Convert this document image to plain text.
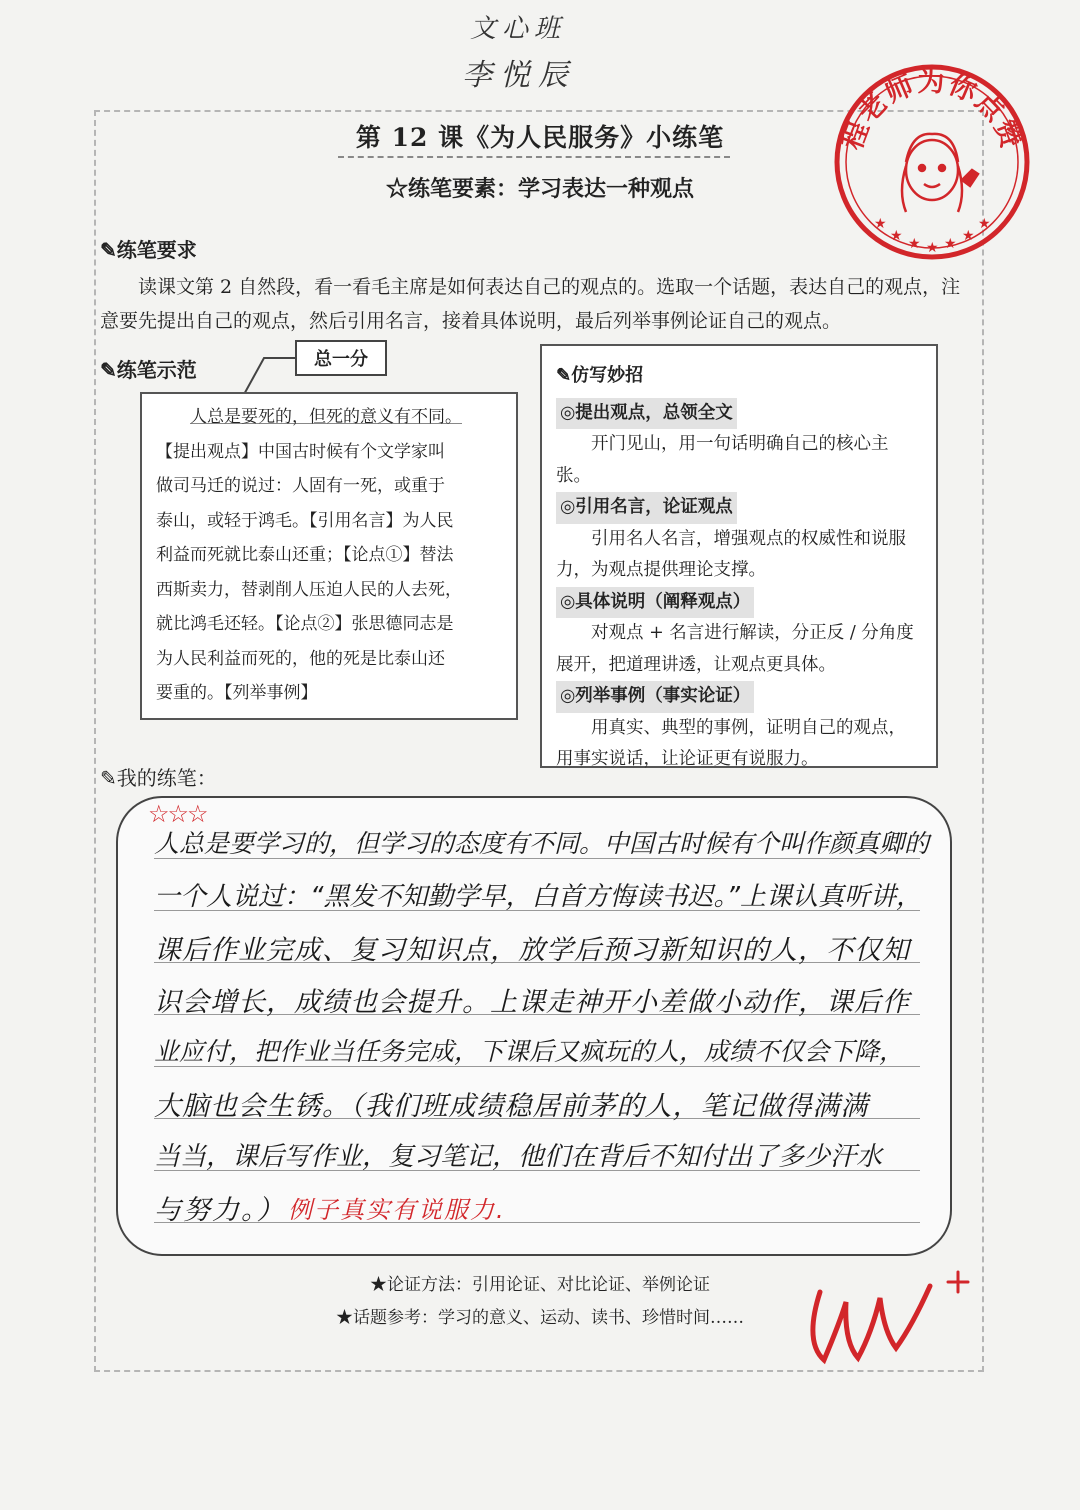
文心班
李悦辰
程老师为你点赞
★ ★ ★ ★ ★
★
★
第 12 课《为人民服务》小练笔
☆练笔要素：学习表达一种观点
✎练笔要求
读课文第 2 自然段，看一看毛主席是如何表达自己的观点的。选取一个话题，表达自己的观点，注意要先提出自己的观点，然后引用名言，接着具体说明，最后列举事例论证自己的观点。
✎练笔示范	总一分
人总是要死的，但死的意义有不同。
【提出观点】中国古时候有个文学家叫
做司马迁的说过：人固有一死，或重于
泰山，或轻于鸿毛。【引用名言】为人民
利益而死就比泰山还重；【论点①】替法
西斯卖力，替剥削人压迫人民的人去死，
就比鸿毛还轻。【论点②】张思德同志是
为人民利益而死的，他的死是比泰山还
要重的。【列举事例】
✎仿写妙招
◎提出观点，总领全文

开门见山，用一句话明确自己的核心主张。

◎引用名言，论证观点

引用名人名言，增强观点的权威性和说服力，为观点提供理论支撑。

◎具体说明（阐释观点）

对观点 + 名言进行解读，分正反 / 分角度展开，把道理讲透，让观点更具体。

◎列举事例（事实论证）

用真实、典型的事例，证明自己的观点，用事实说话，让论证更有说服力。

✎我的练笔：
☆☆☆
人总是要学习的，但学习的态度有不同。中国古时候有个叫作颜真卿的
一个人说过：“黑发不知勤学早，白首方悔读书迟。”上课认真听讲，
课后作业完成、复习知识点，放学后预习新知识的人，不仅知
识会增长，成绩也会提升。上课走神开小差做小动作，课后作
业应付，把作业当任务完成，下课后又疯玩的人，成绩不仅会下降，
大脑也会生锈。（我们班成绩稳居前茅的人，笔记做得满满
当当，课后写作业，复习笔记，他们在背后不知付出了多少汗水
与努力。） 例子真实有说服力.
★论证方法：引用论证、对比论证、举例论证
★话题参考：学习的意义、运动、读书、珍惜时间……
